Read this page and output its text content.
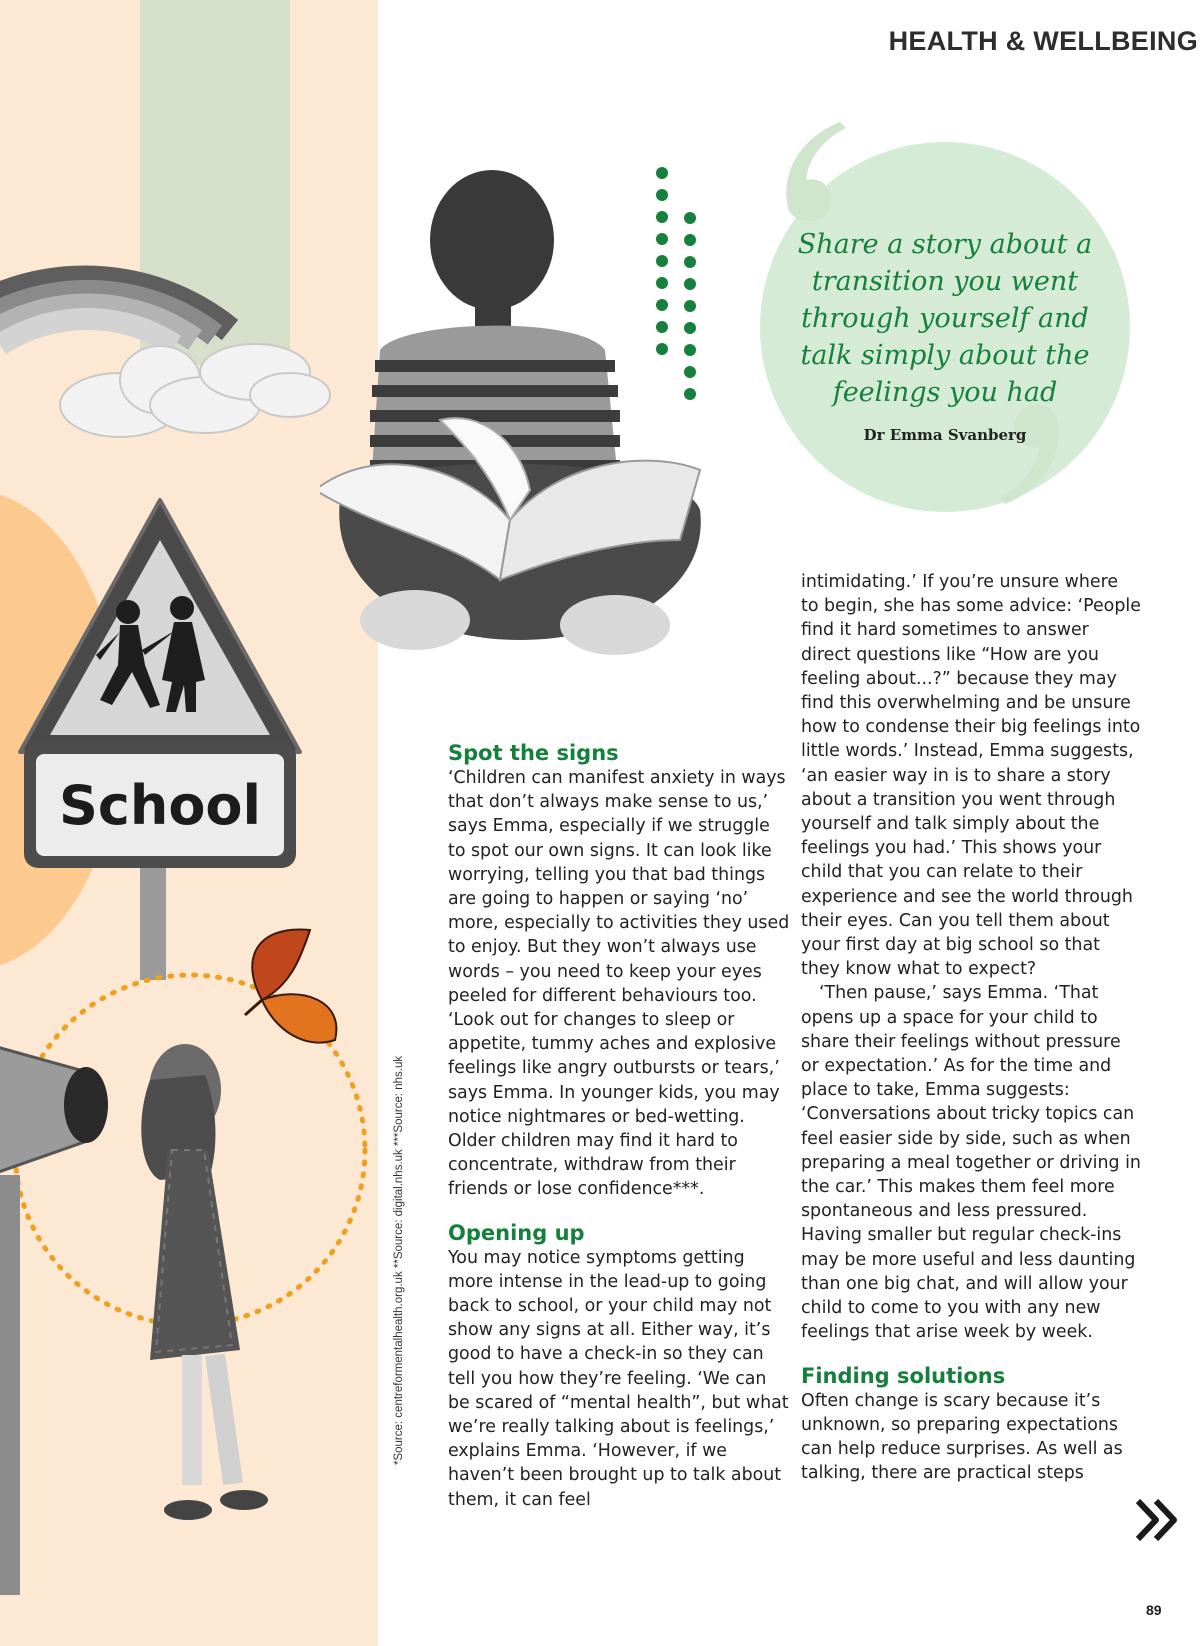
School
*Source: centreformentalhealth.org.uk **Source: digital.nhs.uk ***Source: nhs.uk
HEALTH & WELLBEING
Share a story about a transition you went through yourself and talk simply about the feelings you had
Dr Emma Svanberg
Spot the signs

‘Children can manifest anxiety in ways that don’t always make sense to us,’ says Emma, especially if we struggle to spot our own signs. It can look like worrying, telling you that bad things are going to happen or saying ‘no’ more, especially to activities they used to enjoy. But they won’t always use words – you need to keep your eyes peeled for different behaviours too. ‘Look out for changes to sleep or appetite, tummy aches and explosive feelings like angry outbursts or tears,’ says Emma. In younger kids, you may notice nightmares or bed-wetting. Older children may find it hard to concentrate, withdraw from their friends or lose confidence***.

Opening up

You may notice symptoms getting more intense in the lead-up to going back to school, or your child may not show any signs at all. Either way, it’s good to have a check-in so they can tell you how they’re feeling. ‘We can be scared of “mental health”, but what we’re really talking about is feelings,’ explains Emma. ‘However, if we haven’t been brought up to talk about them, it can feel

intimidating.’ If you’re unsure where to begin, she has some advice: ‘People find it hard sometimes to answer direct questions like “How are you feeling about...?” because they may find this overwhelming and be unsure how to condense their big feelings into little words.’ Instead, Emma suggests, ‘an easier way in is to share a story about a transition you went through yourself and talk simply about the feelings you had.’ This shows your child that you can relate to their experience and see the world through their eyes. Can you tell them about your first day at big school so that they know what to expect?

‘Then pause,’ says Emma. ‘That opens up a space for your child to share their feelings without pressure or expectation.’ As for the time and place to take, Emma suggests: ‘Conversations about tricky topics can feel easier side by side, such as when preparing a meal together or driving in the car.’ This makes them feel more spontaneous and less pressured. Having smaller but regular check-ins may be more useful and less daunting than one big chat, and will allow your child to come to you with any new feelings that arise week by week.

Finding solutions

Often change is scary because it’s unknown, so preparing expectations can help reduce surprises. As well as talking, there are practical steps

89
